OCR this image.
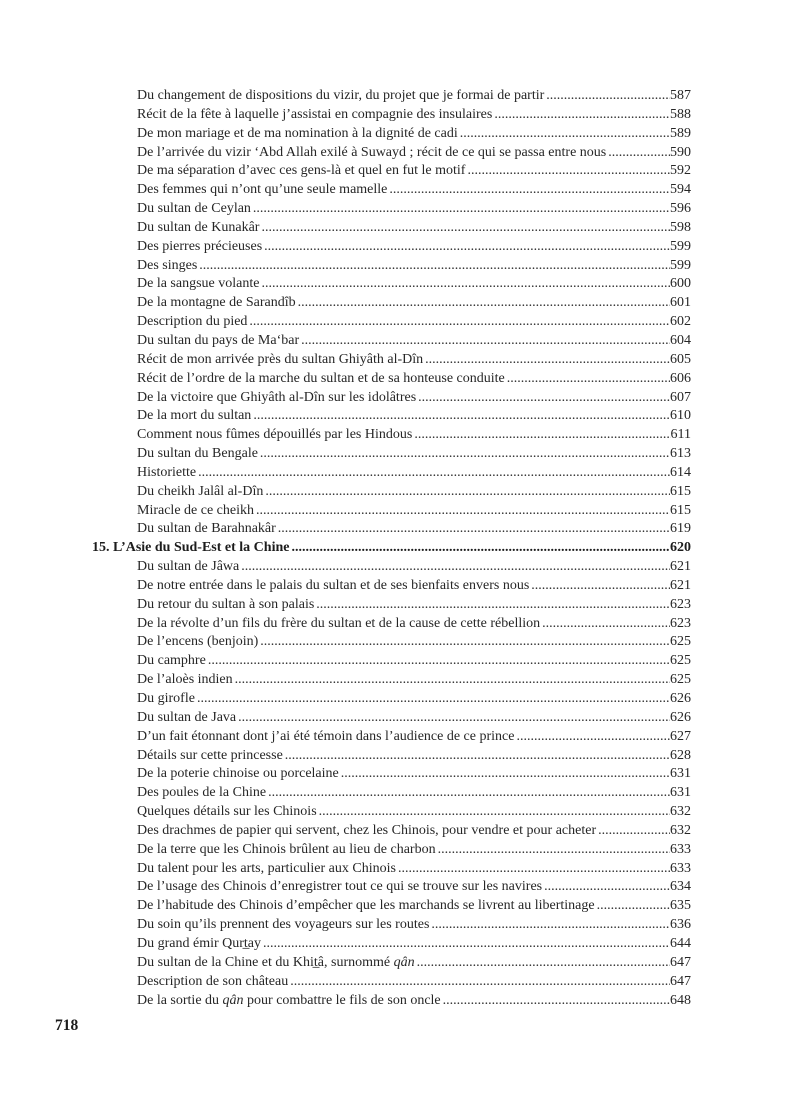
Du changement de dispositions du vizir, du projet que je formai de partir .....	587
Récit de la fête à laquelle j’assistai en compagnie des insulaires .....	588
De mon mariage et de ma nomination à la dignité de cadi .....	589
De l’arrivée du vizir ‘Abd Allah exilé à Suwayd ; récit de ce qui se passa entre nous .....	590
De ma séparation d’avec ces gens-là et quel en fut le motif .....	592
Des femmes qui n’ont qu’une seule mamelle .....	594
Du sultan de Ceylan .....	596
Du sultan de Kunakâr .....	598
Des pierres précieuses .....	599
Des singes .....	599
De la sangsue volante .....	600
De la montagne de Sarandîb .....	601
Description du pied .....	602
Du sultan du pays de Ma‘bar .....	604
Récit de mon arrivée près du sultan Ghiyâth al-Dîn .....	605
Récit de l’ordre de la marche du sultan et de sa honteuse conduite .....	606
De la victoire que Ghiyâth al-Dîn sur les idolâtres .....	607
De la mort du sultan .....	610
Comment nous fûmes dépouillés par les Hindous .....	611
Du sultan du Bengale .....	613
Historiette .....	614
Du cheikh Jalâl al-Dîn .....	615
Miracle de ce cheikh .....	615
Du sultan de Barahnakâr .....	619
15. L’Asie du Sud-Est et la Chine .....	620
Du sultan de Jâwa .....	621
De notre entrée dans le palais du sultan et de ses bienfaits envers nous .....	621
Du retour du sultan à son palais .....	623
De la révolte d’un fils du frère du sultan et de la cause de cette rébellion .....	623
De l’encens (benjoin) .....	625
Du camphre .....	625
De l’aloès indien .....	625
Du girofle .....	626
Du sultan de Java .....	626
D’un fait étonnant dont j’ai été témoin dans l’audience de ce prince .....	627
Détails sur cette princesse .....	628
De la poterie chinoise ou porcelaine .....	631
Des poules de la Chine .....	631
Quelques détails sur les Chinois .....	632
Des drachmes de papier qui servent, chez les Chinois, pour vendre et pour acheter .....	632
De la terre que les Chinois brûlent au lieu de charbon .....	633
Du talent pour les arts, particulier aux Chinois .....	633
De l’usage des Chinois d’enregistrer tout ce qui se trouve sur les navires .....	634
De l’habitude des Chinois d’empêcher que les marchands se livrent au libertinage .....	635
Du soin qu’ils prennent des voyageurs sur les routes .....	636
Du grand émir Qurt̲ay .....	644
Du sultan de la Chine et du Khit̲â, surnommé qân .....	647
Description de son château .....	647
De la sortie du qân pour combattre le fils de son oncle .....	648
718
